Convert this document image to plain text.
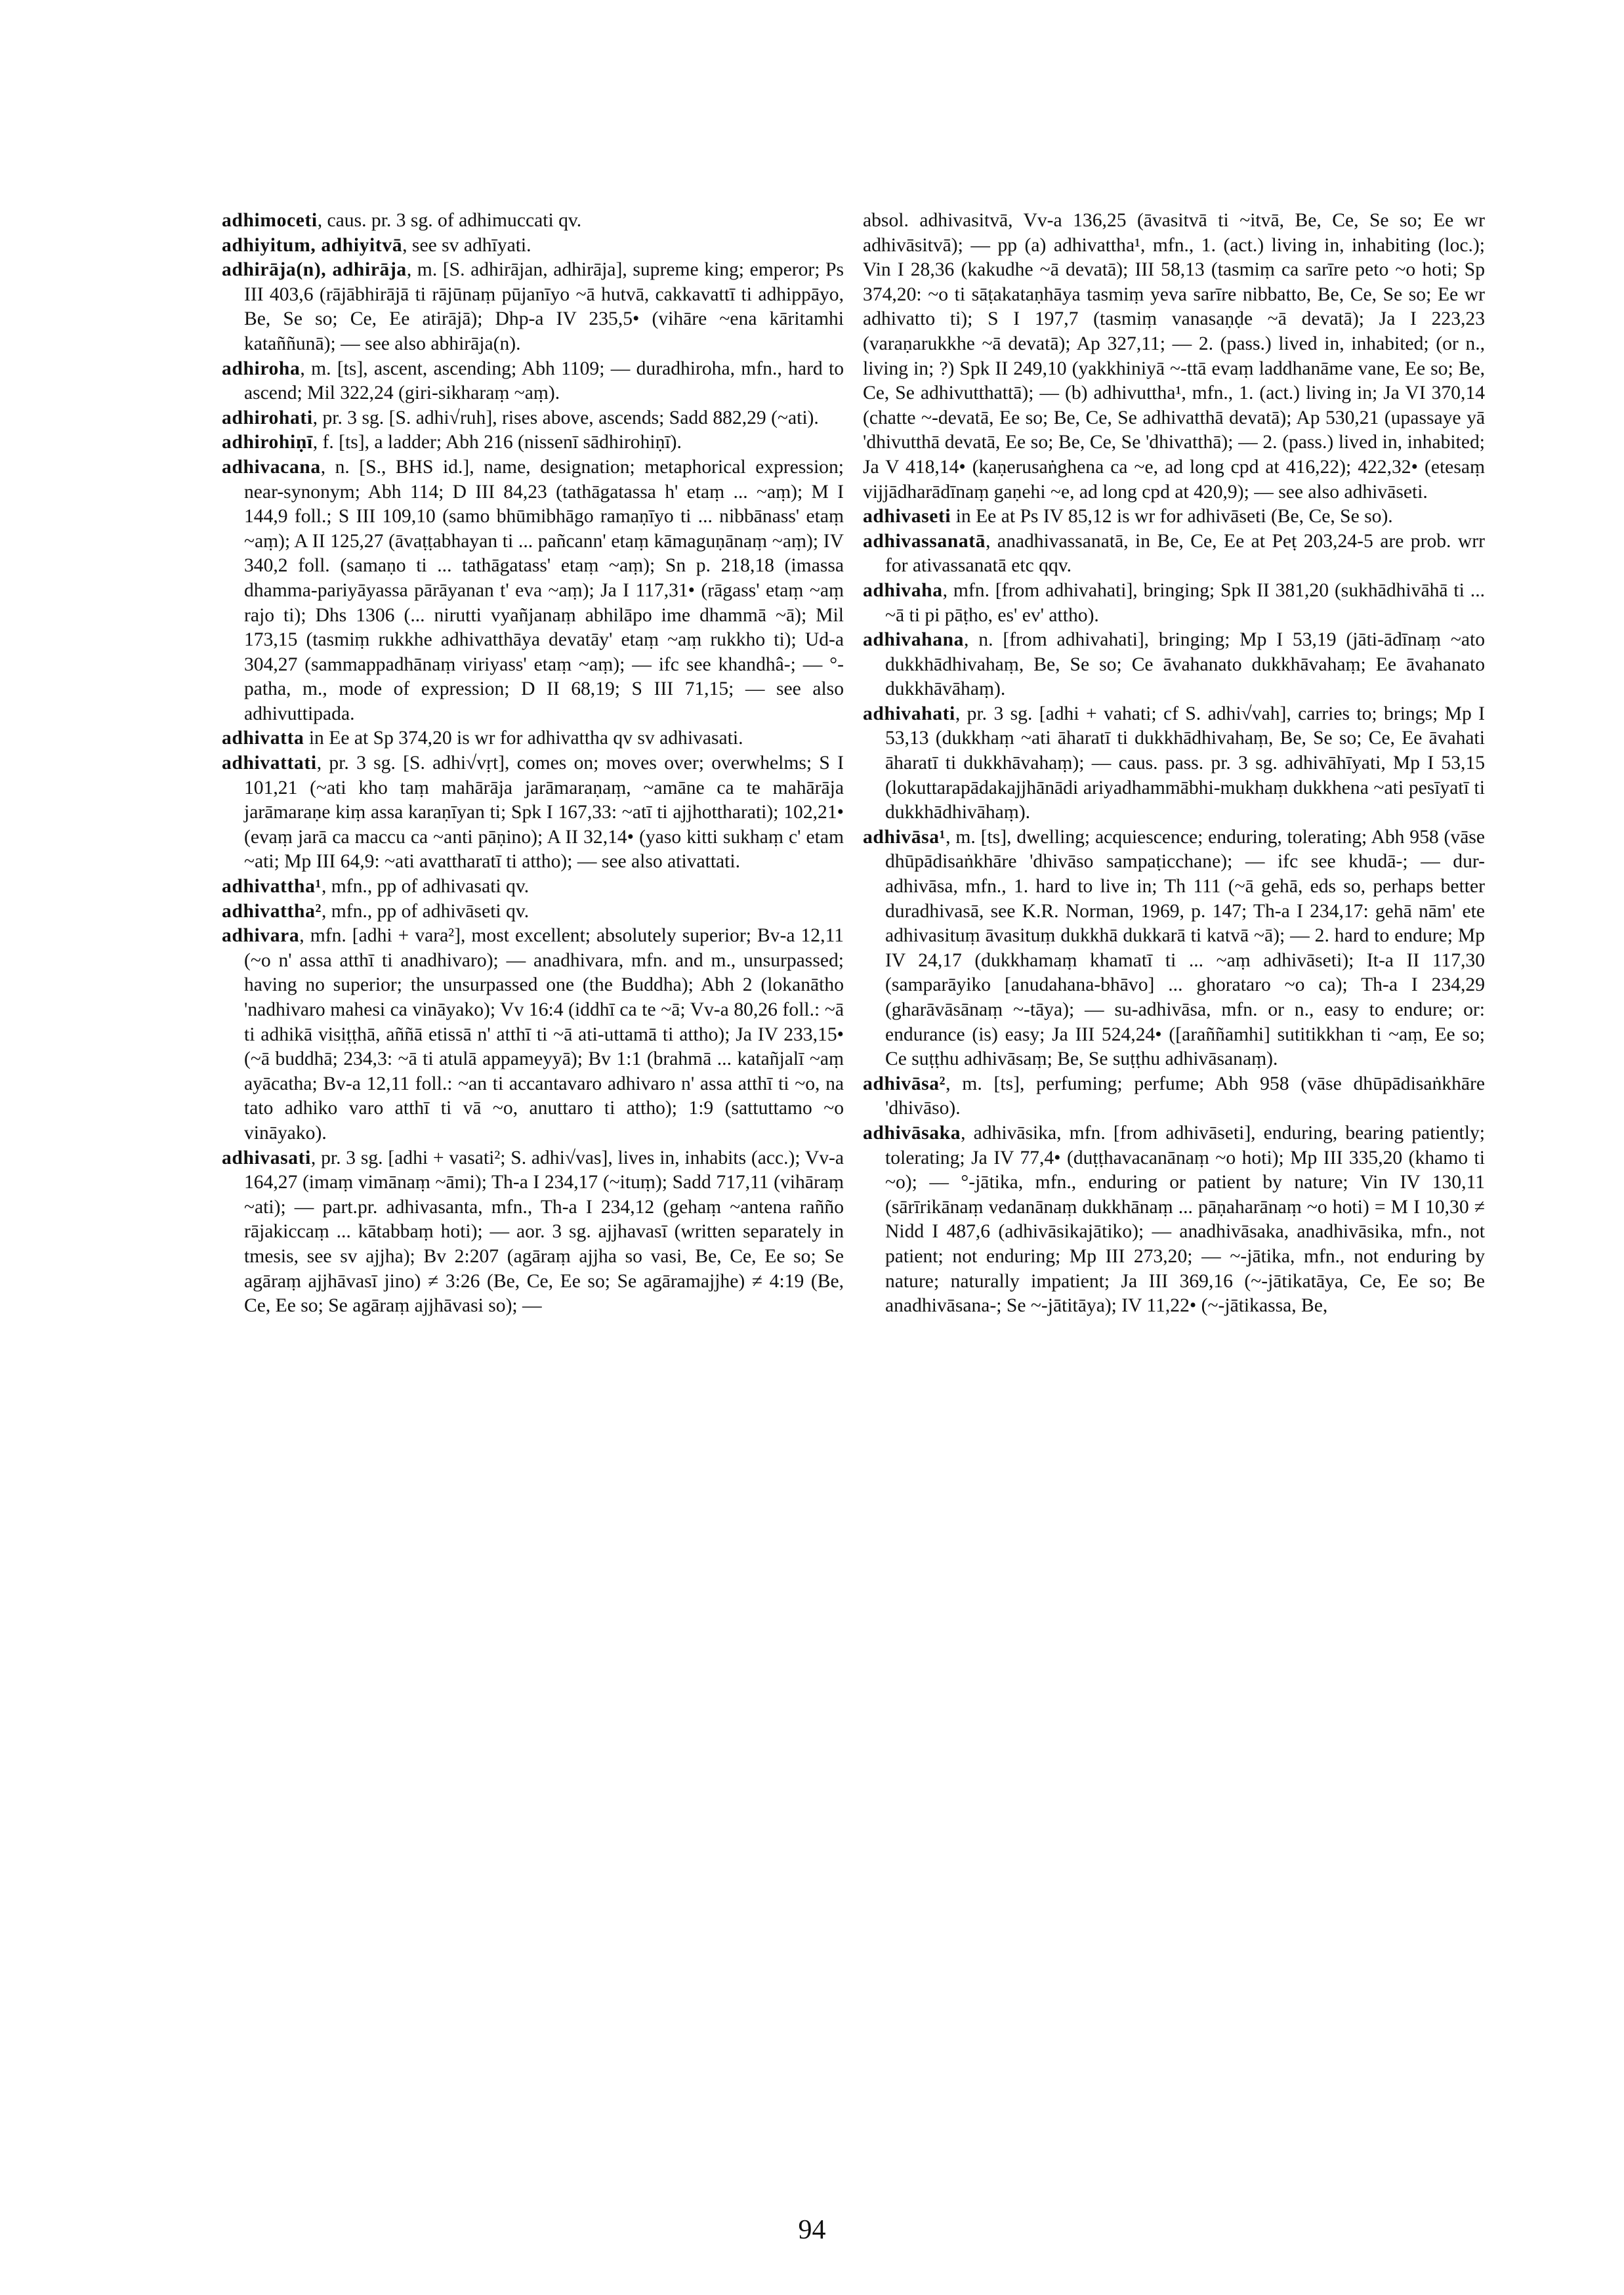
adhimoceti, caus. pr. 3 sg. of adhimuccati qv.

adhiyitum, adhiyitvā, see sv adhīyati.

adhirāja(n), adhirāja, m. [S. adhirājan, adhirāja], supreme king; emperor; Ps III 403,6 (rājābhirājā ti rājūnaṃ pūjanīyo ~ā hutvā, cakkavattī ti adhippāyo, Be, Se so; Ce, Ee atirājā); Dhp-a IV 235,5• (vihāre ~ena kāritamhi kataññunā); — see also abhirāja(n).

adhiroha, m. [ts], ascent, ascending; Abh 1109; — duradhiroha, mfn., hard to ascend; Mil 322,24 (giri-sikharaṃ ~aṃ).

adhirohati, pr. 3 sg. [S. adhi√ruh], rises above, ascends; Sadd 882,29 (~ati).

adhirohiṇī, f. [ts], a ladder; Abh 216 (nissenī sādhirohiṇī).

adhivacana, n. [S., BHS id.], name, designation; metaphorical expression; near-synonym; Abh 114; D III 84,23 (tathāgatassa h' etaṃ ... ~aṃ); M I 144,9 foll.; S III 109,10 (samo bhūmibhāgo ramaṇīyo ti ... nibbānass' etaṃ ~aṃ); A II 125,27 (āvaṭṭabhayan ti ... pañcann' etaṃ kāmaguṇānaṃ ~aṃ); IV 340,2 foll. (samaṇo ti ... tathāgatass' etaṃ ~aṃ); Sn p. 218,18 (imassa dhamma-pariyāyassa pārāyanan t' eva ~aṃ); Ja I 117,31• (rāgass' etaṃ ~aṃ rajo ti); Dhs 1306 (... nirutti vyañjanaṃ abhilāpo ime dhammā ~ā); Mil 173,15 (tasmiṃ rukkhe adhivatthāya devatāy' etaṃ ~aṃ rukkho ti); Ud-a 304,27 (sammappadhānaṃ viriyass' etaṃ ~aṃ); — ifc see khandhâ-; — °-patha, m., mode of expression; D II 68,19; S III 71,15; — see also adhivuttipada.

adhivatta in Ee at Sp 374,20 is wr for adhivattha qv sv adhivasati.

adhivattati, pr. 3 sg. [S. adhi√vṛt], comes on; moves over; overwhelms; S I 101,21 (~ati kho taṃ mahārāja jarāmaraṇaṃ, ~amāne ca te mahārāja jarāmaraṇe kiṃ assa karaṇīyan ti; Spk I 167,33: ~atī ti ajjhottharati); 102,21• (evaṃ jarā ca maccu ca ~anti pāṇino); A II 32,14• (yaso kitti sukhaṃ c' etam ~ati; Mp III 64,9: ~ati avattharatī ti attho); — see also ativattati.

adhivattha¹, mfn., pp of adhivasati qv.

adhivattha², mfn., pp of adhivāseti qv.

adhivara, mfn. [adhi + vara²], most excellent; absolutely superior; Bv-a 12,11 (~o n' assa atthī ti anadhivaro); — anadhivara, mfn. and m., unsurpassed; having no superior; the unsurpassed one (the Buddha); Abh 2 (lokanātho 'nadhivaro mahesi ca vināyako); Vv 16:4 (iddhī ca te ~ā; Vv-a 80,26 foll.: ~ā ti adhikā visiṭṭhā, aññā etissā n' atthī ti ~ā ati-uttamā ti attho); Ja IV 233,15• (~ā buddhā; 234,3: ~ā ti atulā appameyyā); Bv 1:1 (brahmā ... katañjalī ~aṃ ayācatha; Bv-a 12,11 foll.: ~an ti accantavaro adhivaro n' assa atthī ti ~o, na tato adhiko varo atthī ti vā ~o, anuttaro ti attho); 1:9 (sattuttamo ~o vināyako).

adhivasati, pr. 3 sg. [adhi + vasati²; S. adhi√vas], lives in, inhabits (acc.); Vv-a 164,27 (imaṃ vimānaṃ ~āmi); Th-a I 234,17 (~ituṃ); Sadd 717,11 (vihāraṃ ~ati); — part.pr. adhivasanta, mfn., Th-a I 234,12 (gehaṃ ~antena rañño rājakiccaṃ ... kātabbaṃ hoti); — aor. 3 sg. ajjhavasī (written separately in tmesis, see sv ajjha); Bv 2:207 (agāraṃ ajjha so vasi, Be, Ce, Ee so; Se agāraṃ ajjhāvasī jino) ≠ 3:26 (Be, Ce, Ee so; Se agāramajjhe) ≠ 4:19 (Be, Ce, Ee so; Se agāraṃ ajjhāvasi so); —

absol. adhivasitvā, Vv-a 136,25 (āvasitvā ti ~itvā, Be, Ce, Se so; Ee wr adhivāsitvā); — pp (a) adhivattha¹, mfn., 1. (act.) living in, inhabiting (loc.); Vin I 28,36 (kakudhe ~ā devatā); III 58,13 (tasmiṃ ca sarīre peto ~o hoti; Sp 374,20: ~o ti sāṭakataṇhāya tasmiṃ yeva sarīre nibbatto, Be, Ce, Se so; Ee wr adhivatto ti); S I 197,7 (tasmiṃ vanasaṇḍe ~ā devatā); Ja I 223,23 (varaṇarukkhe ~ā devatā); Ap 327,11; — 2. (pass.) lived in, inhabited; (or n., living in; ?) Spk II 249,10 (yakkhiniyā ~-ttā evaṃ laddhanāme vane, Ee so; Be, Ce, Se adhivutthattā); — (b) adhivuttha¹, mfn., 1. (act.) living in; Ja VI 370,14 (chatte ~-devatā, Ee so; Be, Ce, Se adhivatthā devatā); Ap 530,21 (upassaye yā 'dhivutthā devatā, Ee so; Be, Ce, Se 'dhivatthā); — 2. (pass.) lived in, inhabited; Ja V 418,14• (kaṇerusaṅghena ca ~e, ad long cpd at 416,22); 422,32• (etesaṃ vijjādharādīnaṃ gaṇehi ~e, ad long cpd at 420,9); — see also adhivāseti.

adhivaseti in Ee at Ps IV 85,12 is wr for adhivāseti (Be, Ce, Se so).

adhivassanatā, anadhivassanatā, in Be, Ce, Ee at Peṭ 203,24-5 are prob. wrr for ativassanatā etc qqv.

adhivaha, mfn. [from adhivahati], bringing; Spk II 381,20 (sukhādhivāhā ti ... ~ā ti pi pāṭho, es' ev' attho).

adhivahana, n. [from adhivahati], bringing; Mp I 53,19 (jāti-ādīnaṃ ~ato dukkhādhivahaṃ, Be, Se so; Ce āvahanato dukkhāvahaṃ; Ee āvahanato dukkhāvāhaṃ).

adhivahati, pr. 3 sg. [adhi + vahati; cf S. adhi√vah], carries to; brings; Mp I 53,13 (dukkhaṃ ~ati āharatī ti dukkhādhivahaṃ, Be, Se so; Ce, Ee āvahati āharatī ti dukkhāvahaṃ); — caus. pass. pr. 3 sg. adhivāhīyati, Mp I 53,15 (lokuttarapādakajjhānādi ariyadhammābhi-mukhaṃ dukkhena ~ati pesīyatī ti dukkhādhivāhaṃ).

adhivāsa¹, m. [ts], dwelling; acquiescence; enduring, tolerating; Abh 958 (vāse dhūpādisaṅkhāre 'dhivāso sampaṭicchane); — ifc see khudā-; — dur-adhivāsa, mfn., 1. hard to live in; Th 111 (~ā gehā, eds so, perhaps better duradhivasā, see K.R. Norman, 1969, p. 147; Th-a I 234,17: gehā nām' ete adhivasituṃ āvasituṃ dukkhā dukkarā ti katvā ~ā); — 2. hard to endure; Mp IV 24,17 (dukkhamaṃ khamatī ti ... ~aṃ adhivāseti); It-a II 117,30 (samparāyiko [anudahana-bhāvo] ... ghorataro ~o ca); Th-a I 234,29 (gharāvāsānaṃ ~-tāya); — su-adhivāsa, mfn. or n., easy to endure; or: endurance (is) easy; Ja III 524,24• ([araññamhi] sutitikkhan ti ~aṃ, Ee so; Ce suṭṭhu adhivāsaṃ; Be, Se suṭṭhu adhivāsanaṃ).

adhivāsa², m. [ts], perfuming; perfume; Abh 958 (vāse dhūpādisaṅkhāre 'dhivāso).

adhivāsaka, adhivāsika, mfn. [from adhivāseti], enduring, bearing patiently; tolerating; Ja IV 77,4• (duṭṭhavacanānaṃ ~o hoti); Mp III 335,20 (khamo ti ~o); — °-jātika, mfn., enduring or patient by nature; Vin IV 130,11 (sārīrikānaṃ vedanānaṃ dukkhānaṃ ... pāṇaharānaṃ ~o hoti) = M I 10,30 ≠ Nidd I 487,6 (adhivāsikajātiko); — anadhivāsaka, anadhivāsika, mfn., not patient; not enduring; Mp III 273,20; — ~-jātika, mfn., not enduring by nature; naturally impatient; Ja III 369,16 (~-jātikatāya, Ce, Ee so; Be anadhivāsana-; Se ~-jātitāya); IV 11,22• (~-jātikassa, Be,

94
